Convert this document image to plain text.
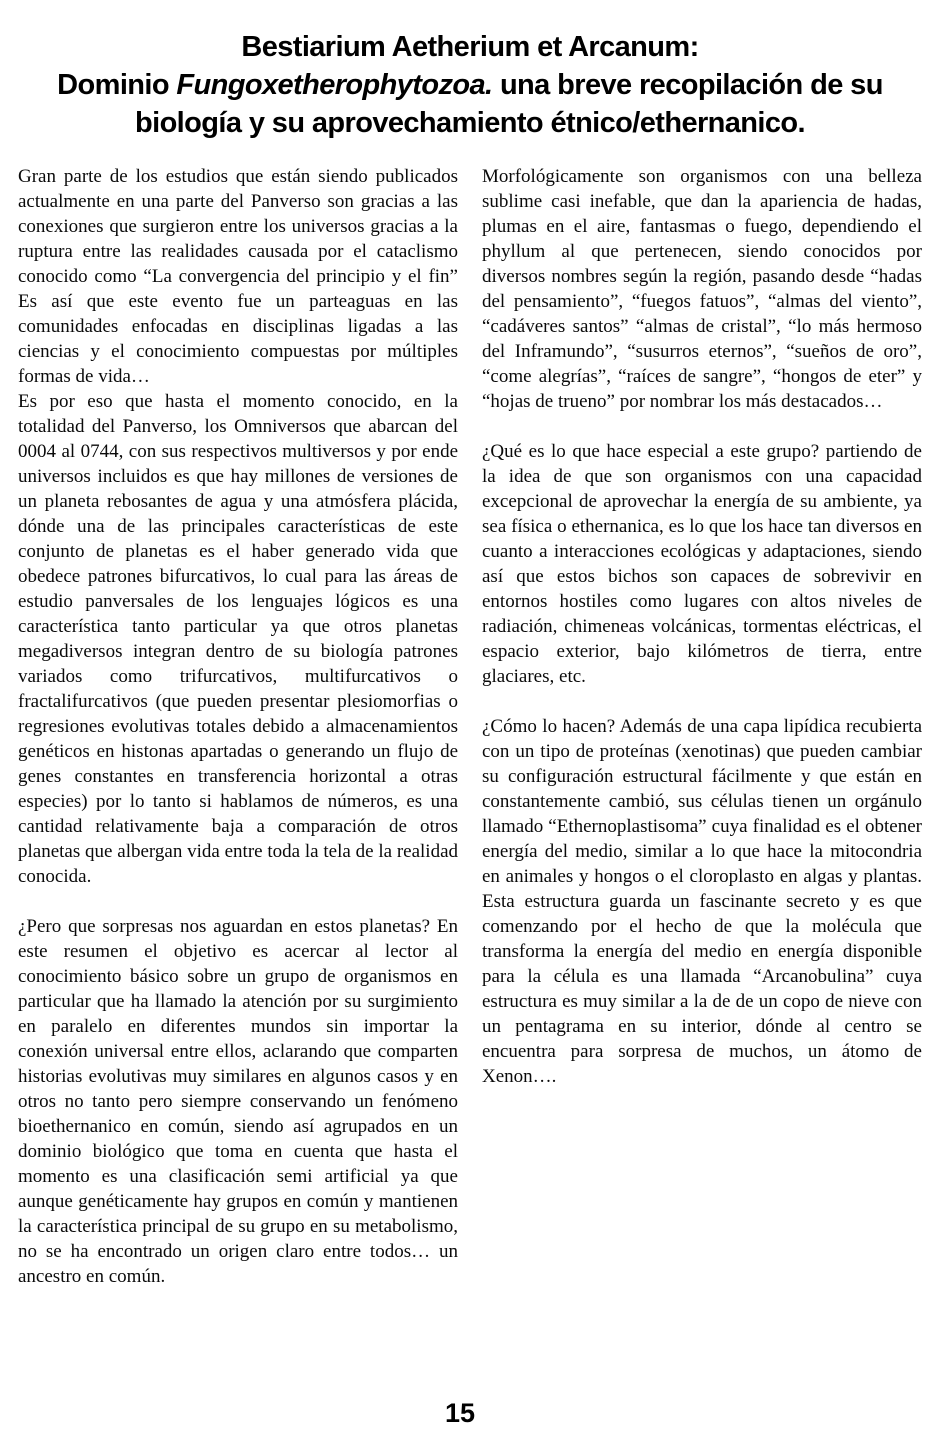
Bestiarium Aetherium et Arcanum:
Dominio Fungoxetherophytozoa. una breve recopilación de su biología y su aprovechamiento étnico/ethernanico.

Gran parte de los estudios que están siendo publicados actualmente en una parte del Panverso son gracias a las conexiones que surgieron entre los universos gracias a la ruptura entre las realidades causada por el cataclismo conocido como “La convergencia del principio y el fin” Es así que este evento fue un parteaguas en las comunidades enfocadas en disciplinas ligadas a las ciencias y el conocimiento compuestas por múltiples formas de vida…

Es por eso que hasta el momento conocido, en la totalidad del Panverso, los Omniversos que abarcan del 0004 al 0744, con sus respectivos multiversos y por ende universos incluidos es que hay millones de versiones de un planeta rebosantes de agua y una atmósfera plácida, dónde una de las principales características de este conjunto de planetas es el haber generado vida que obedece patrones bifurcativos, lo cual para las áreas de estudio panversales de los lenguajes lógicos es una característica tanto particular ya que otros planetas megadiversos integran dentro de su biología patrones variados como trifurcativos, multifurcativos o fractalifurcativos (que pueden presentar plesiomorfias o regresiones evolutivas totales debido a almacenamientos genéticos en histonas apartadas o generando un flujo de genes constantes en transferencia horizontal a otras especies) por lo tanto si hablamos de números, es una cantidad relativamente baja a comparación de otros planetas que albergan vida entre toda la tela de la realidad conocida.

¿Pero que sorpresas nos aguardan en estos planetas? En este resumen el objetivo es acercar al lector al conocimiento básico sobre un grupo de organismos en particular que ha llamado la atención por su surgimiento en paralelo en diferentes mundos sin importar la conexión universal entre ellos, aclarando que comparten historias evolutivas muy similares en algunos casos y en otros no tanto pero siempre conservando un fenómeno bioethernanico en común, siendo así agrupados en un dominio biológico que toma en cuenta que hasta el momento es una clasificación semi artificial ya que aunque genéticamente hay grupos en común y mantienen la característica principal de su grupo en su metabolismo, no se ha encontrado un origen claro entre todos… un ancestro en común.

Morfológicamente son organismos con una belleza sublime casi inefable, que dan la apariencia de hadas, plumas en el aire, fantasmas o fuego, dependiendo el phyllum al que pertenecen, siendo conocidos por diversos nombres según la región, pasando desde “hadas del pensamiento”, “fuegos fatuos”, “almas del viento”, “cadáveres santos” “almas de cristal”, “lo más hermoso del Inframundo”, “susurros eternos”, “sueños de oro”, “come alegrías”, “raíces de sangre”, “hongos de eter” y “hojas de trueno” por nombrar los más destacados…

¿Qué es lo que hace especial a este grupo? partiendo de la idea de que son organismos con una capacidad excepcional de aprovechar la energía de su ambiente, ya sea física o ethernanica, es lo que los hace tan diversos en cuanto a interacciones ecológicas y adaptaciones, siendo así que estos bichos son capaces de sobrevivir en entornos hostiles como lugares con altos niveles de radiación, chimeneas volcánicas, tormentas eléctricas, el espacio exterior, bajo kilómetros de tierra, entre glaciares, etc.

¿Cómo lo hacen? Además de una capa lipídica recubierta con un tipo de proteínas (xenotinas) que pueden cambiar su configuración estructural fácilmente y que están en constantemente cambió, sus células tienen un orgánulo llamado “Ethernoplastisoma” cuya finalidad es el obtener energía del medio, similar a lo que hace la mitocondria en animales y hongos o el cloroplasto en algas y plantas. Esta estructura guarda un fascinante secreto y es que comenzando por el hecho de que la molécula que transforma la energía del medio en energía disponible para la célula es una llamada “Arcanobulina” cuya estructura es muy similar a la de de un copo de nieve con un pentagrama en su interior, dónde al centro se encuentra para sorpresa de muchos, un átomo de Xenon….

15
